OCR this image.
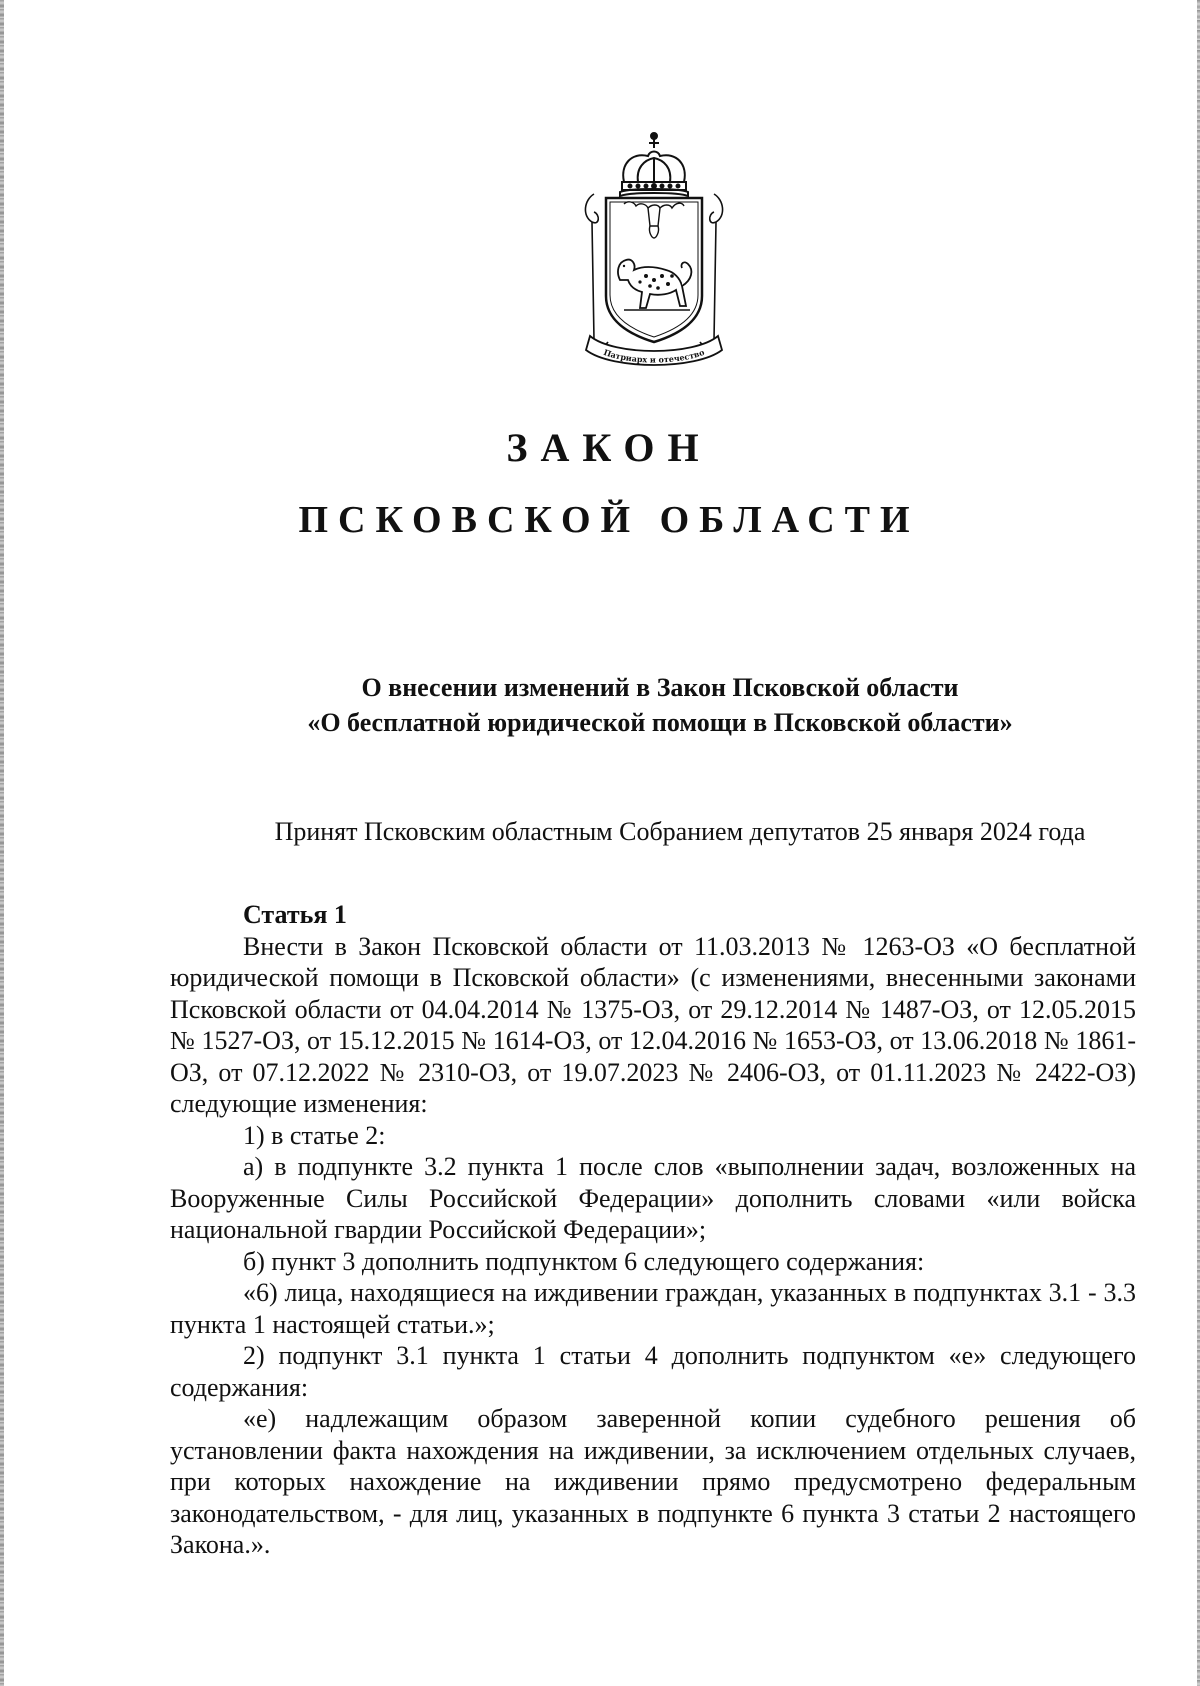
Патриарх и отечество
ЗАКОН
ПСКОВСКОЙ ОБЛАСТИ
О внесении изменений в Закон Псковской области
«О бесплатной юридической помощи в Псковской области»
Принят Псковским областным Собранием депутатов 25 января 2024 года

Статья 1

Внести в Закон Псковской области от 11.03.2013 № 1263-ОЗ «О бесплатной юридической помощи в Псковской области» (с изменениями, внесенными законами Псковской области от 04.04.2014 № 1375-ОЗ, от 29.12.2014 № 1487-ОЗ, от 12.05.2015 № 1527-ОЗ, от 15.12.2015 № 1614-ОЗ, от 12.04.2016 № 1653-ОЗ, от 13.06.2018 № 1861-ОЗ, от 07.12.2022 № 2310-ОЗ, от 19.07.2023 № 2406-ОЗ, от 01.11.2023 № 2422-ОЗ) следующие изменения:

1) в статье 2:

а) в подпункте 3.2 пункта 1 после слов «выполнении задач, возложенных на Вооруженные Силы Российской Федерации» дополнить словами «или войска национальной гвардии Российской Федерации»;

б) пункт 3 дополнить подпунктом 6 следующего содержания:

«6) лица, находящиеся на иждивении граждан, указанных в подпунктах 3.1 - 3.3 пункта 1 настоящей статьи.»;

2) подпункт 3.1 пункта 1 статьи 4 дополнить подпунктом «е» следующего содержания:

«е) надлежащим образом заверенной копии судебного решения об установлении факта нахождения на иждивении, за исключением отдельных случаев, при которых нахождение на иждивении прямо предусмотрено федеральным законодательством, - для лиц, указанных в подпункте 6 пункта 3 статьи 2 настоящего Закона.».
